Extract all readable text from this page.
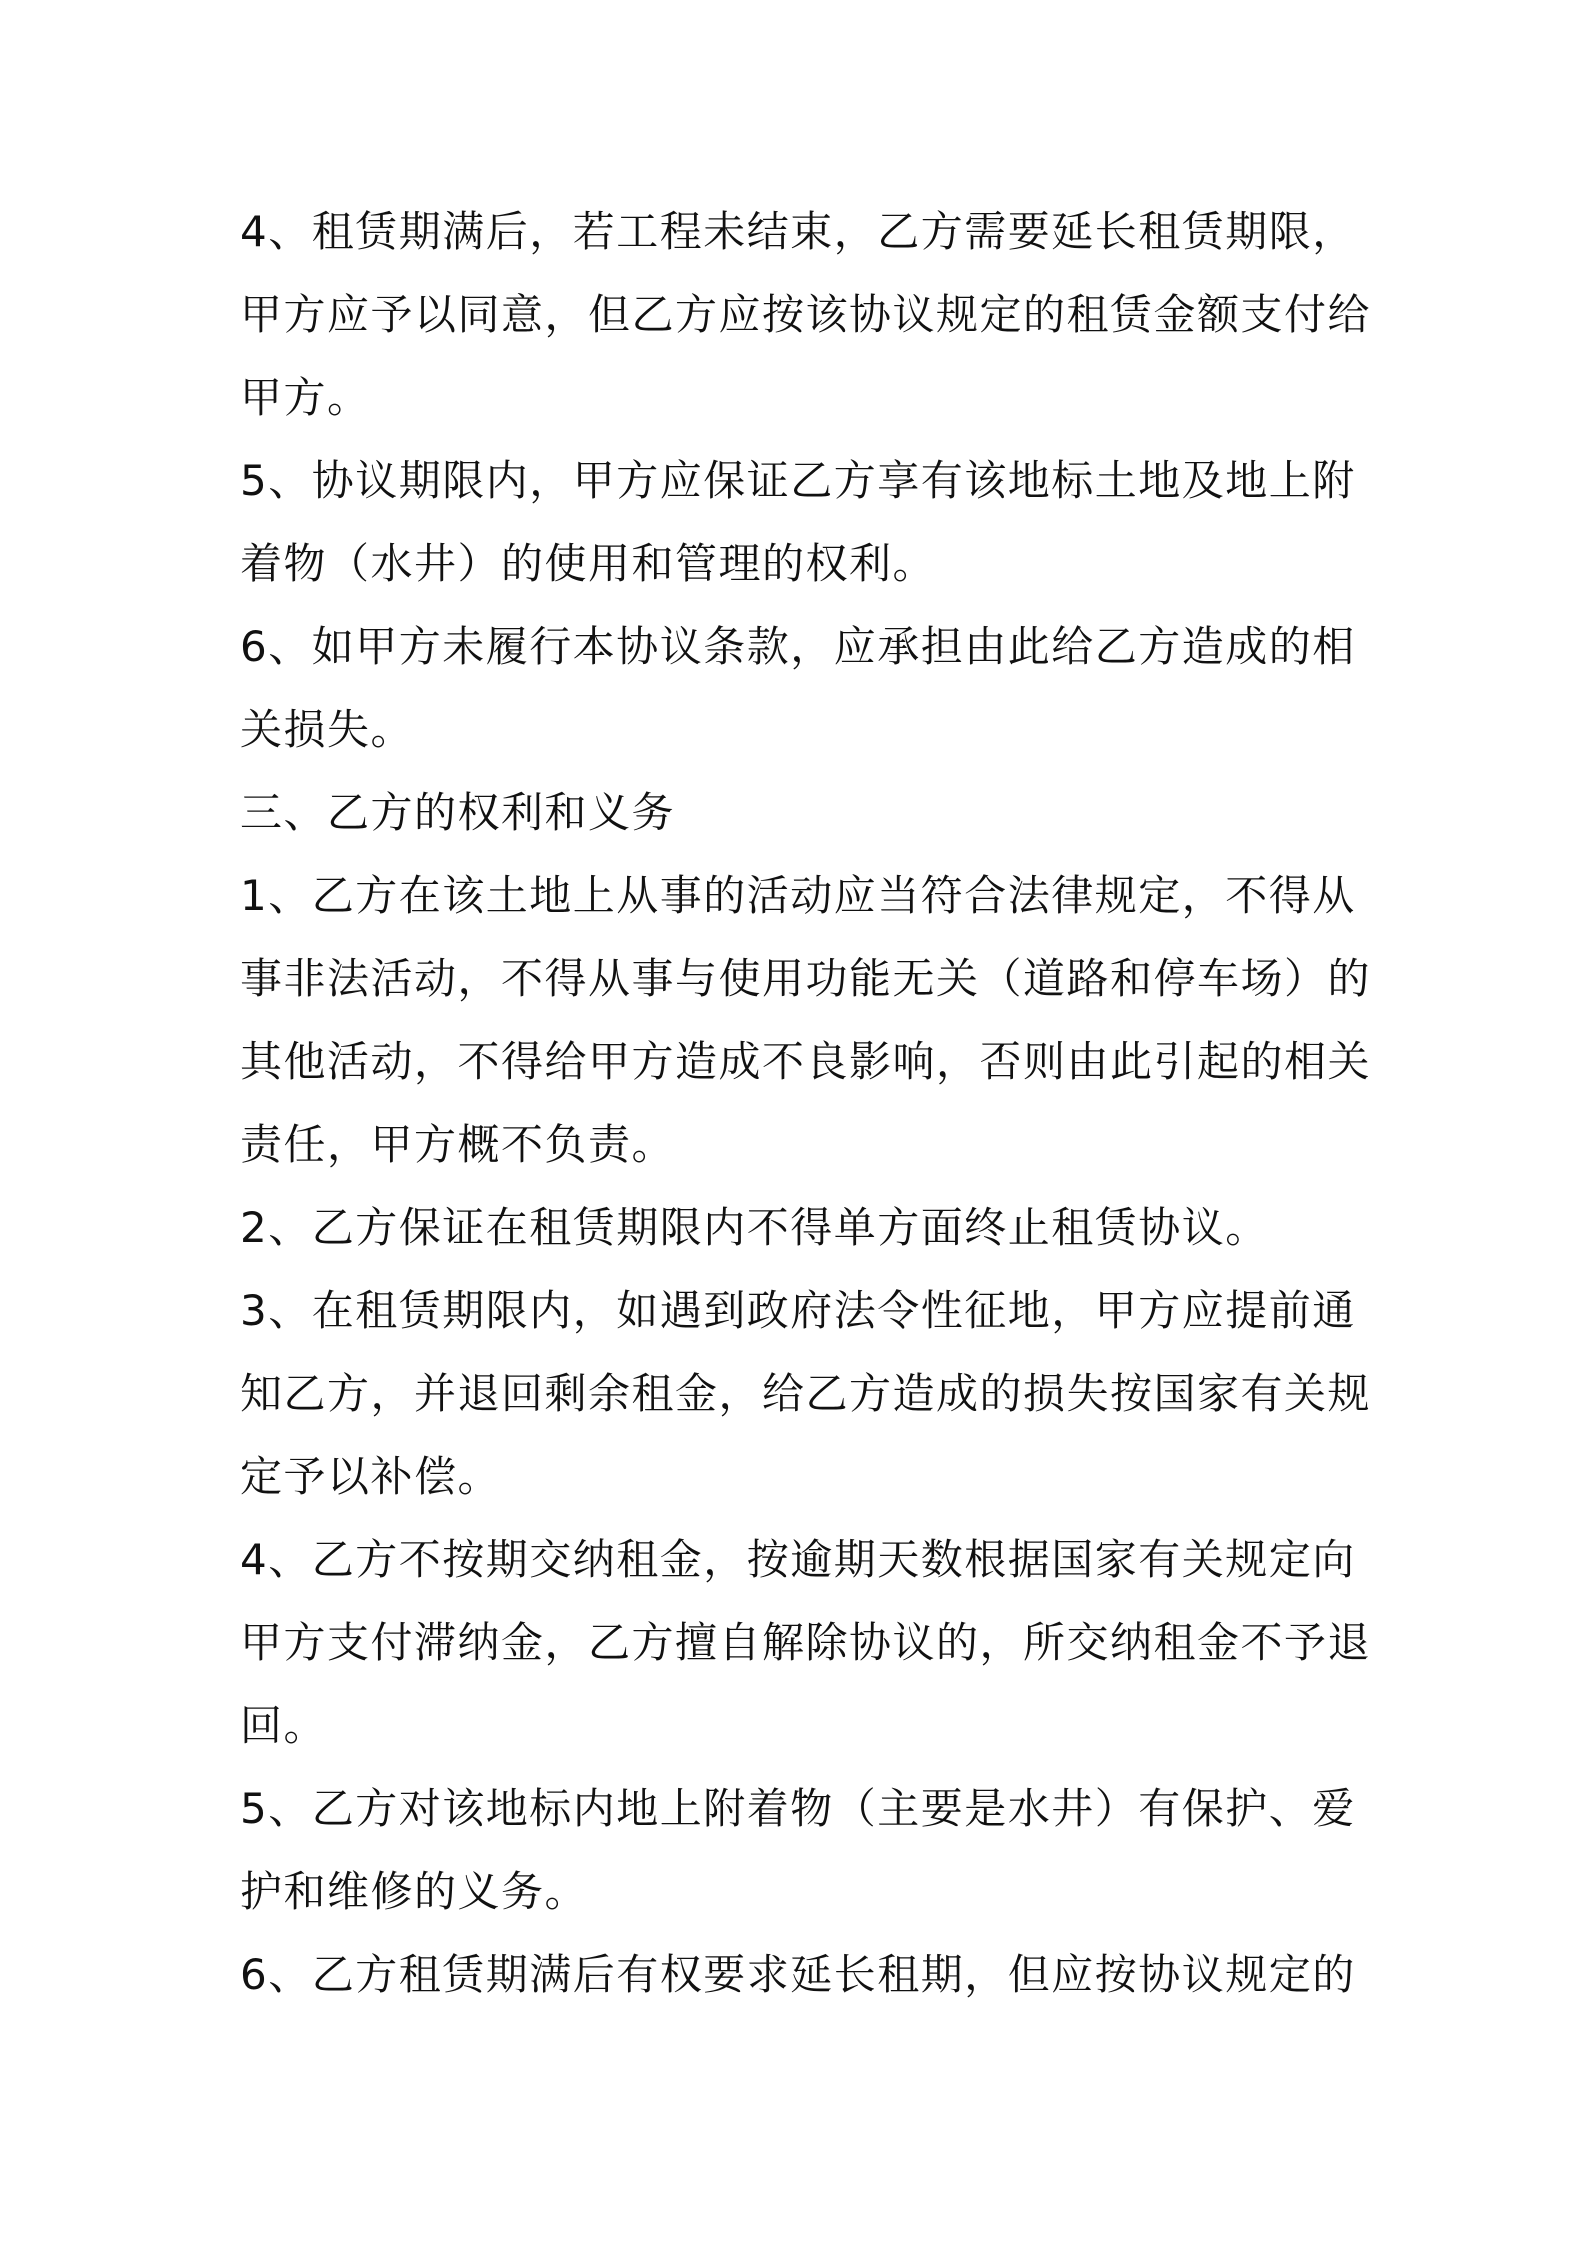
4、租赁期满后，若工程未结束，乙方需要延长租赁期限，
甲方应予以同意，但乙方应按该协议规定的租赁金额支付给
甲方。
5、协议期限内，甲方应保证乙方享有该地标土地及地上附
着物（水井）的使用和管理的权利。
6、如甲方未履行本协议条款，应承担由此给乙方造成的相
关损失。
三、乙方的权利和义务
1、乙方在该土地上从事的活动应当符合法律规定，不得从
事非法活动，不得从事与使用功能无关（道路和停车场）的
其他活动，不得给甲方造成不良影响，否则由此引起的相关
责任，甲方概不负责。
2、乙方保证在租赁期限内不得单方面终止租赁协议。
3、在租赁期限内，如遇到政府法令性征地，甲方应提前通
知乙方，并退回剩余租金，给乙方造成的损失按国家有关规
定予以补偿。
4、乙方不按期交纳租金，按逾期天数根据国家有关规定向
甲方支付滞纳金，乙方擅自解除协议的，所交纳租金不予退
回。
5、乙方对该地标内地上附着物（主要是水井）有保护、爱
护和维修的义务。
6、乙方租赁期满后有权要求延长租期，但应按协议规定的
